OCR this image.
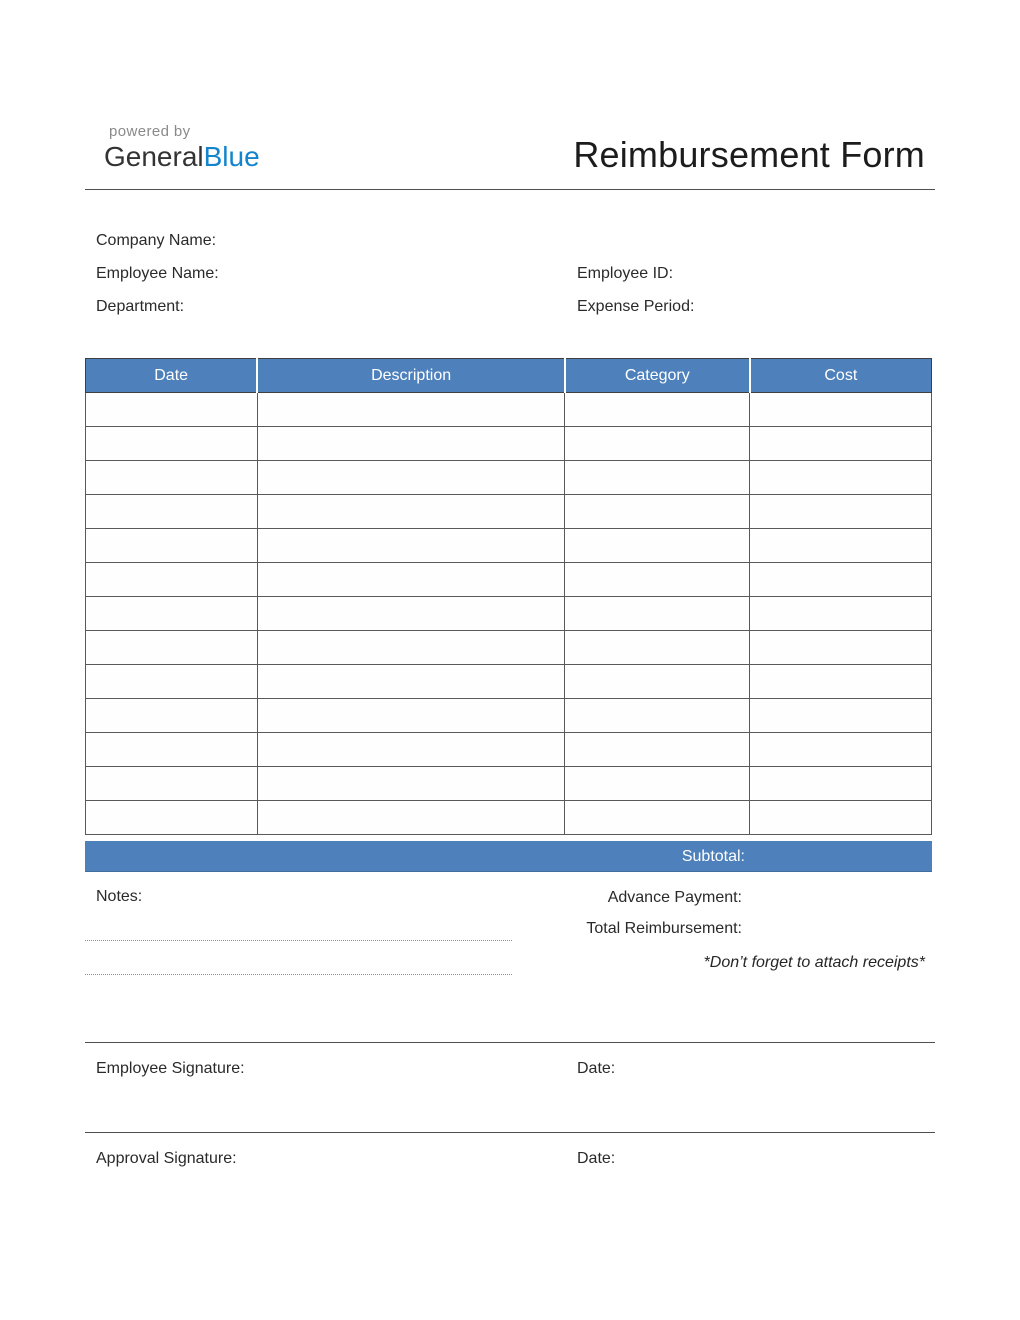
powered by
GeneralBlue	Reimbursement Form
Company Name:
Employee Name:
Department:
Employee ID:
Expense Period:
Date	Description	Category	Cost

Subtotal:
Notes:	Advance Payment:
Total Reimbursement:
*Don’t forget to attach receipts*
Employee Signature:	Date:
Approval Signature:	Date:
